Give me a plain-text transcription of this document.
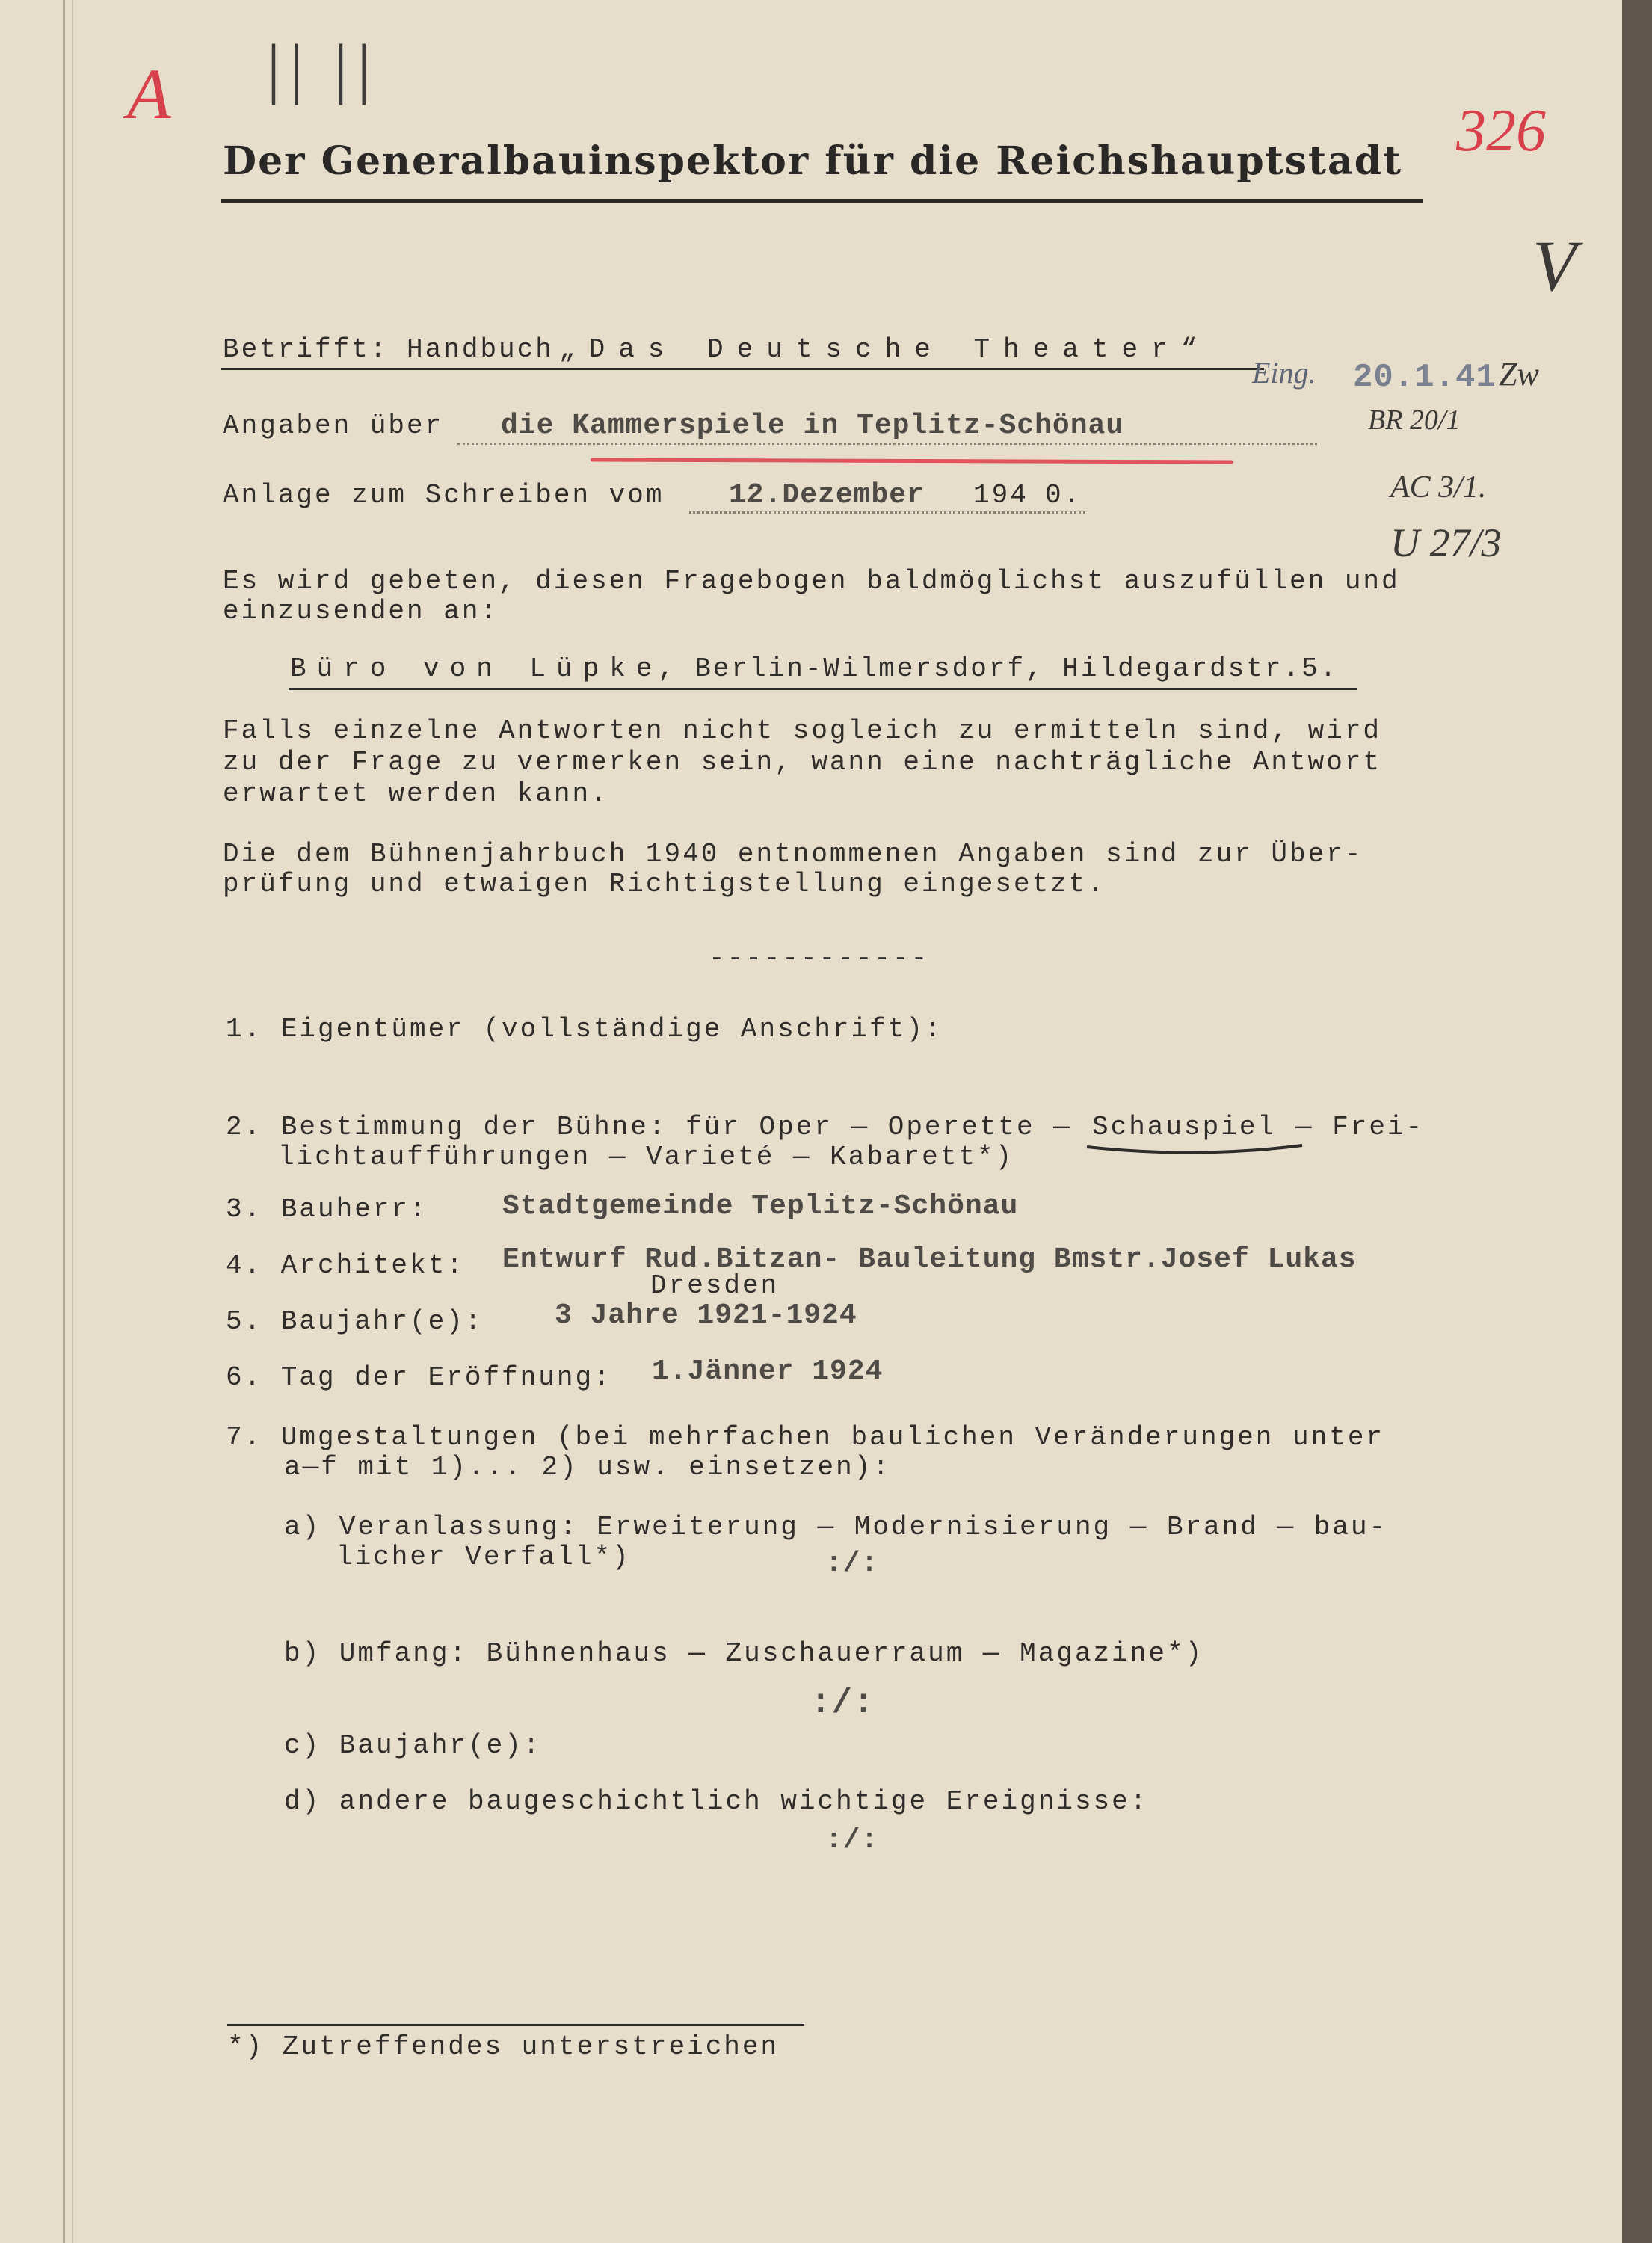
A || ||
326
V
Der Generalbauinspektor für die Reichshauptstadt
Betrifft: Handbuch „Das Deutsche Theater“
Eing. 20.1.41 Zw
Angaben über die Kammerspiele in Teplitz-Schönau	BR 20/1
Anlage zum Schreiben vom 12.Dezember 194 0.	AC 3/1.
U 27/3
Es wird gebeten, diesen Fragebogen baldmöglichst auszufüllen und
einzusenden an:
Büro von Lüpke
, Berlin-Wilmersdorf, Hildegardstr.5.
Falls einzelne Antworten nicht sogleich zu ermitteln sind, wird
zu der Frage zu vermerken sein, wann eine nachträgliche Antwort
erwartet werden kann.
Die dem Bühnenjahrbuch 1940 entnommenen Angaben sind zur Über-
prüfung und etwaigen Richtigstellung eingesetzt.
------------
1. Eigentümer (vollständige Anschrift):
2. Bestimmung der Bühne: für Oper — Operette — Schauspiel — Frei-
lichtaufführungen — Varieté — Kabarett*)
3. Bauherr:	Stadtgemeinde Teplitz-Schönau
4. Architekt: Entwurf Rud.Bitzan- Bauleitung Bmstr.Josef Lukas
Dresden
5. Baujahr(e):	3 Jahre 1921-1924
6. Tag der Eröffnung: 1.Jänner 1924
7. Umgestaltungen (bei mehrfachen baulichen Veränderungen unter
a—f mit 1)... 2) usw. einsetzen):
a) Veranlassung: Erweiterung — Modernisierung — Brand — bau-
licher Verfall*)	:/:
b) Umfang: Bühnenhaus — Zuschauerraum — Magazine*)
:/:
c) Baujahr(e):
d) andere baugeschichtlich wichtige Ereignisse:
:/:
*) Zutreffendes unterstreichen
